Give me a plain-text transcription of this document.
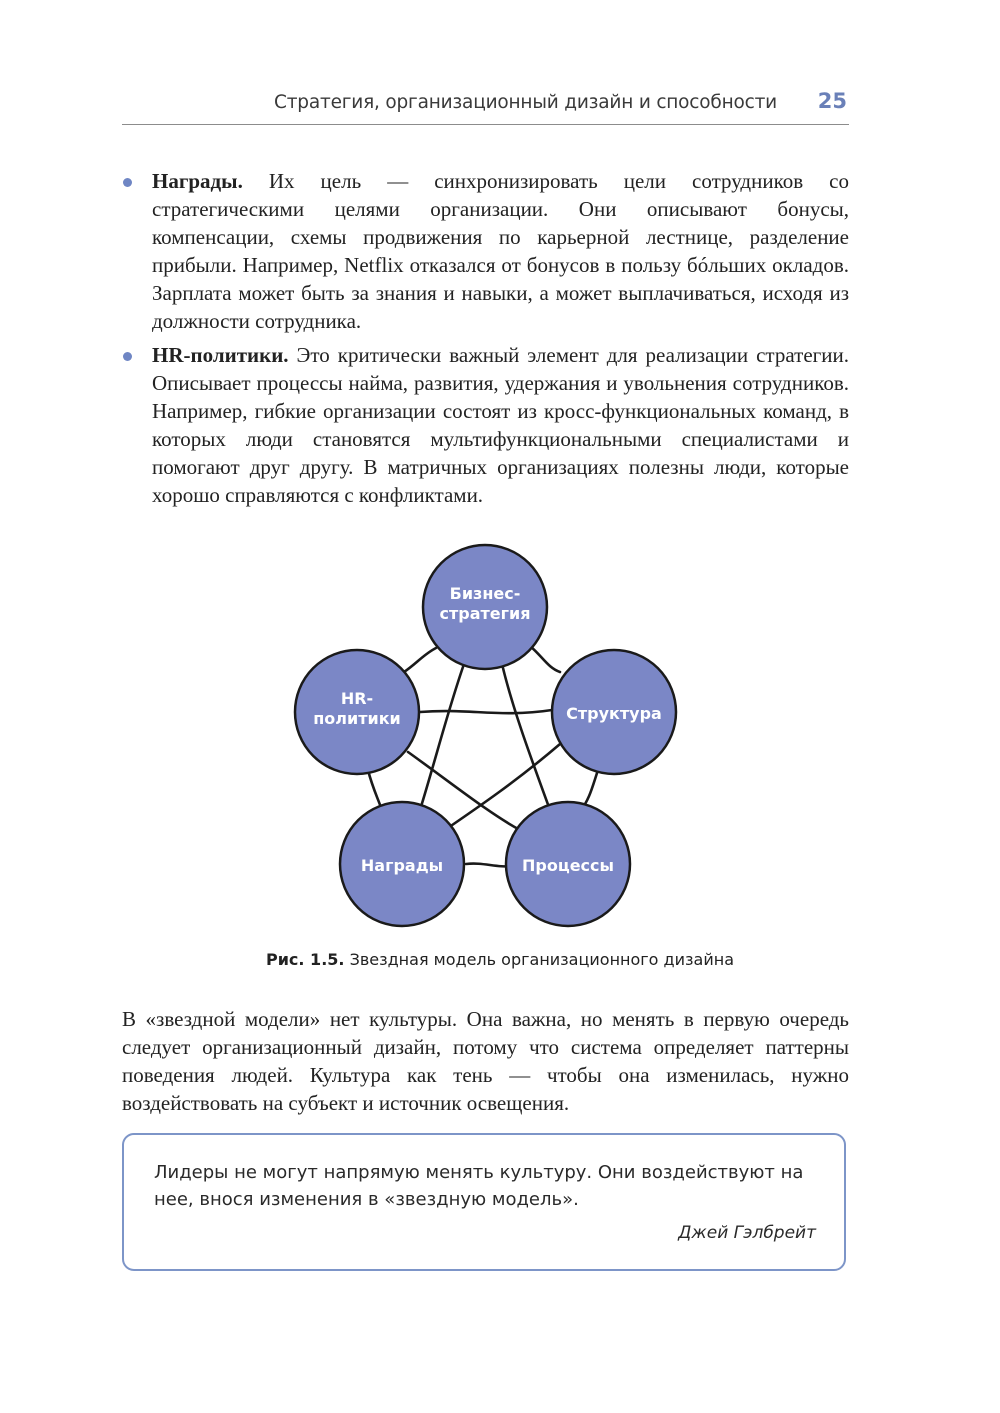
Стратегия, организационный дизайн и способности 25
Награды. Их цель — синхронизировать цели сотрудников со стратегическими целями организации. Они описывают бонусы, компенсации, схемы продвижения по карьерной лестнице, разделение прибыли. Например, Netflix отказался от бонусов в пользу бóльших окладов. Зарплата может быть за знания и навыки, а может выплачиваться, исходя из должности сотрудника.
HR-политики. Это критически важный элемент для реализации стратегии. Описывает процессы найма, развития, удержания и увольнения сотрудников. Например, гибкие организации состоят из кросс-функциональных команд, в которых люди становятся мультифункциональными специалистами и помогают друг другу. В матричных организациях полезны люди, которые хорошо справляются с конфликтами.
Бизнес-
стратегия
Структура
Процессы
Награды
HR-
политики
Рис. 1.5. Звездная модель организационного дизайна

В «звездной модели» нет культуры. Она важна, но менять в первую очередь следует организационный дизайн, потому что система определяет паттерны поведения людей. Культура как тень — чтобы она изменилась, нужно воздействовать на субъект и источник освещения.

Лидеры не могут напрямую менять культуру. Они воздействуют на нее, внося изменения в «звездную модель».

Джей Гэлбрейт
